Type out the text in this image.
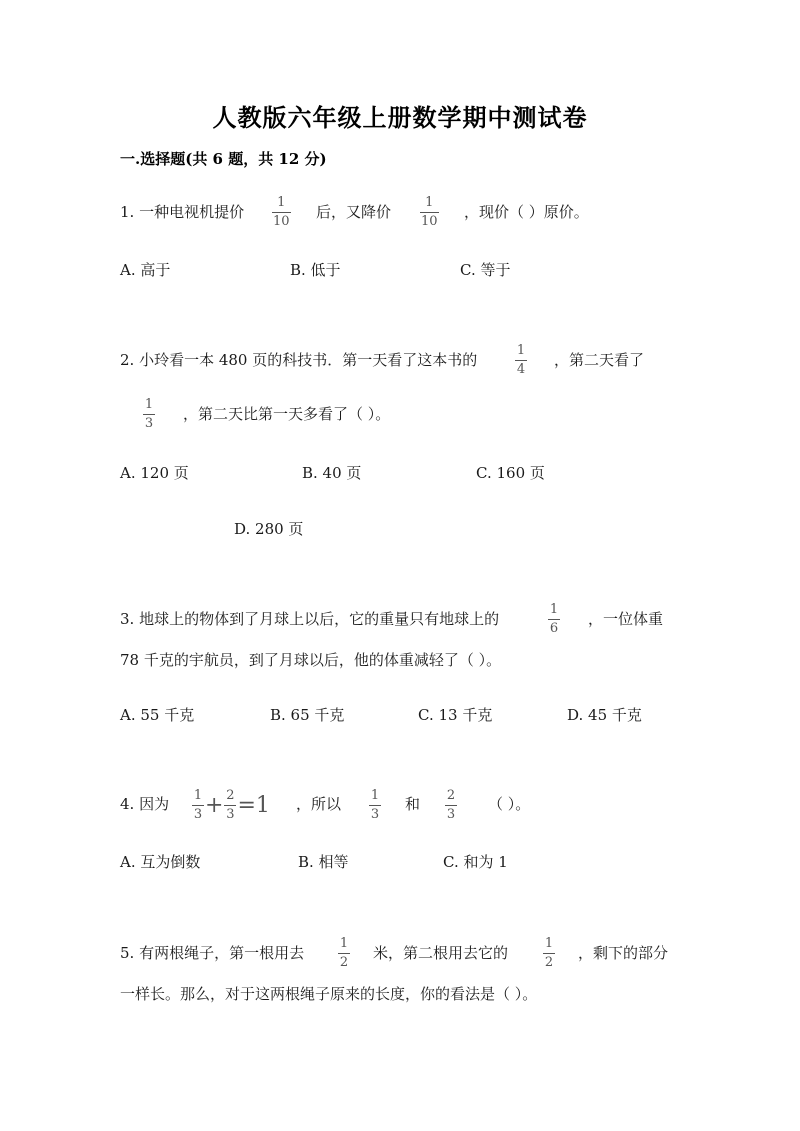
人教版六年级上册数学期中测试卷
一.选择题(共 6 题，共 12 分)
1. 一种电视机提价
1
10
后，又降价
1
10
，现价（ ）原价。
A. 高于	B. 低于	C. 等于
2. 小玲看一本 480 页的科技书．第一天看了这本书的
1
4
，第二天看了
1
3
，第二天比第一天多看了（ ）。
A. 120 页	B. 40 页	C. 160 页
D. 280 页
3. 地球上的物体到了月球上以后，它的重量只有地球上的
1
6
，一位体重
78 千克的宇航员，到了月球以后，他的体重减轻了（ ）。
A. 55 千克	B. 65 千克	C. 13 千克	D. 45 千克
4. 因为 $\frac{1}{3} + \frac{2}{3} =1$ ，所以 1
3
和 2
3
（ ）。
A. 互为倒数	B. 相等	C. 和为 1
5. 有两根绳子，第一根用去
1
2
米，第二根用去它的
1
2
，剩下的部分
一样长。那么，对于这两根绳子原来的长度，你的看法是（ ）。
